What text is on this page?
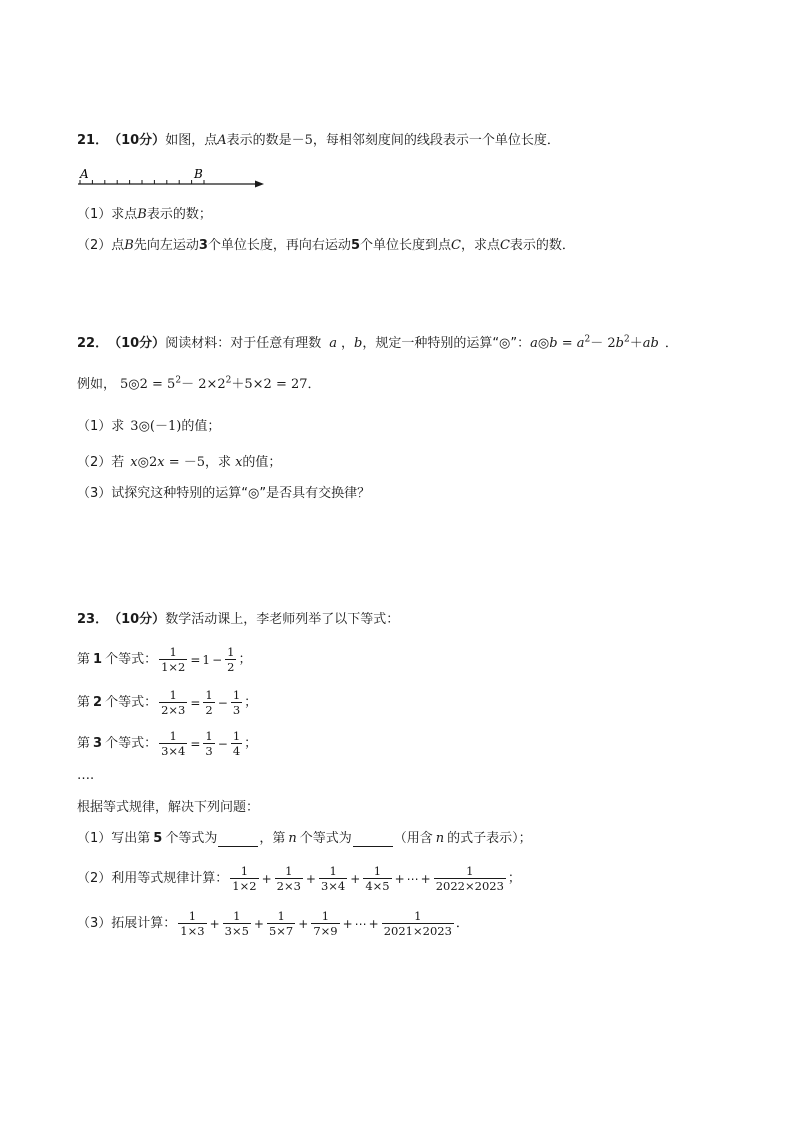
21． （10分） 如图，点 A 表示的数是 －5 ，每相邻刻度间的线段表示一个单位长度．
A	B
（1） 求点 B 表示的数；
（2） 点 B 先向左运动 3 个单位长度，再向右运动 5 个单位长度到点 C ，求点 C 表示的数．
22． （10分） 阅读材料：对于任意有理数 a ， b ，规定一种特别的运算“◎”： a◎b = $a^2- 2b^2+ab$ ．
例如， 5◎2 = $5^2- 2\times 2^2+5\times 2 = 27$ ．
（1） 求 3◎(－1) 的值；
（2） 若 x◎2x = －5 ，求 x 的值；
（3） 试探究这种特别的运算“◎”是否具有交换律？
23． （10分） 数学活动课上，李老师列举了以下等式：
第 1 个等式： $\frac{1}{1\times 2} = 1 - \frac{1}{2}$ ；
第 2 个等式： $\frac{1}{2\times 3} = \frac{1}{2} - \frac{1}{3}$ ；
第 3 个等式： $\frac{1}{3\times 4} = \frac{1}{3} - \frac{1}{4}$ ；
….
根据等式规律，解决下列问题：
（1） 写出第 5 个等式为	，第 n 个等式为	（用含 n 的式子表示）；
（2） 利用等式规律计算： $\frac{1}{1\times 2} + \frac{1}{2\times 3} + \frac{1}{3\times 4} + \frac{1}{4\times 5}$ + ⋯ + $\frac{1}{2022\times 2023}$ ；
（3） 拓展计算： $\frac{1}{1\times 3} + \frac{1}{3\times 5} + \frac{1}{5\times 7} + \frac{1}{7\times 9}$ + ⋯ + $\frac{1}{2021\times 2023}$ ．
